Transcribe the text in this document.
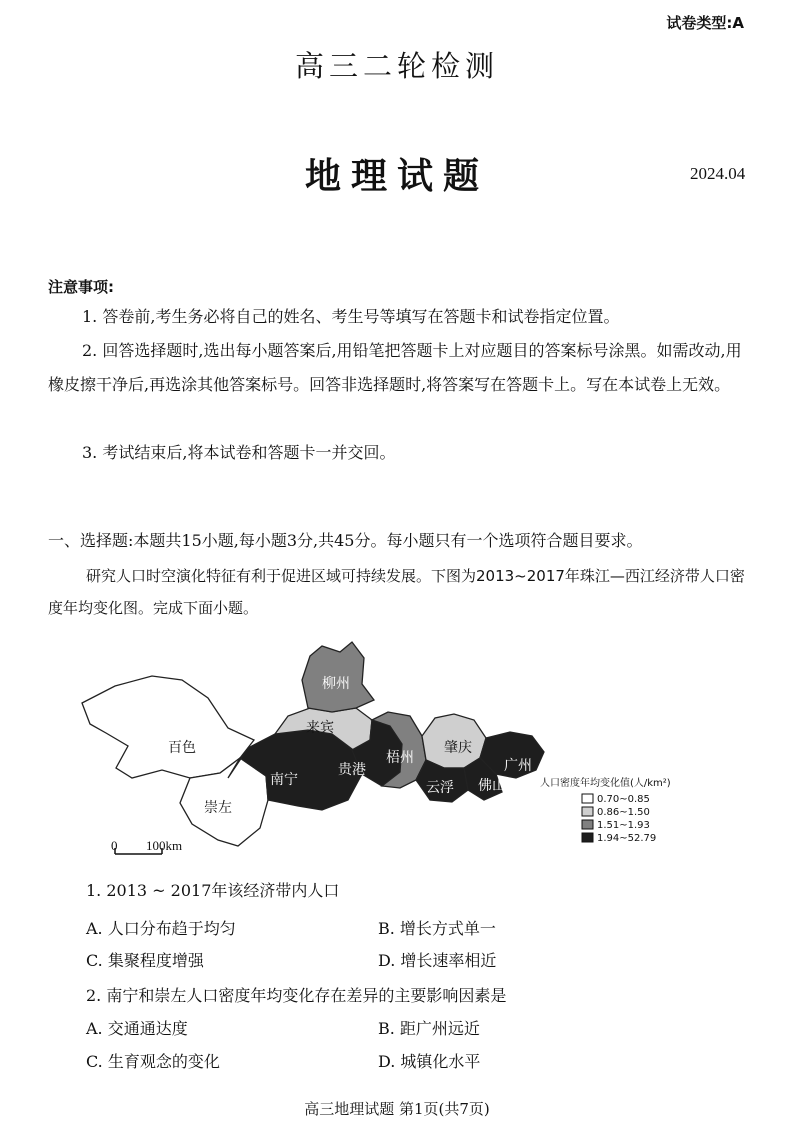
试卷类型:A
高三二轮检测
地理试题	2024.04
注意事项:
1. 答卷前,考生务必将自己的姓名、考生号等填写在答题卡和试卷指定位置。
2. 回答选择题时,选出每小题答案后,用铅笔把答题卡上对应题目的答案标号涂黑。如需改动,用橡皮擦干净后,再选涂其他答案标号。回答非选择题时,将答案写在答题卡上。写在本试卷上无效。
3. 考试结束后,将本试卷和答题卡一并交回。
一、选择题:本题共15小题,每小题3分,共45分。每小题只有一个选项符合题目要求。
研究人口时空演化特征有利于促进区域可持续发展。下图为2013~2017年珠江—西江经济带人口密度年均变化图。完成下面小题。
柳州
百色
来宾
梧州
肇庆
南宁
贵港	广州
崇左
云浮 佛山	人口密度年均变化值(人/km²)
0.70~0.85
0.86~1.50
1.51~1.93
1.94~52.79
0 100km
1. 2013 ~ 2017年该经济带内人口
A. 人口分布趋于均匀	B. 增长方式单一
C. 集聚程度增强	D. 增长速率相近
2. 南宁和崇左人口密度年均变化存在差异的主要影响因素是
A. 交通通达度	B. 距广州远近
C. 生育观念的变化	D. 城镇化水平
高三地理试题 第1页(共7页)
